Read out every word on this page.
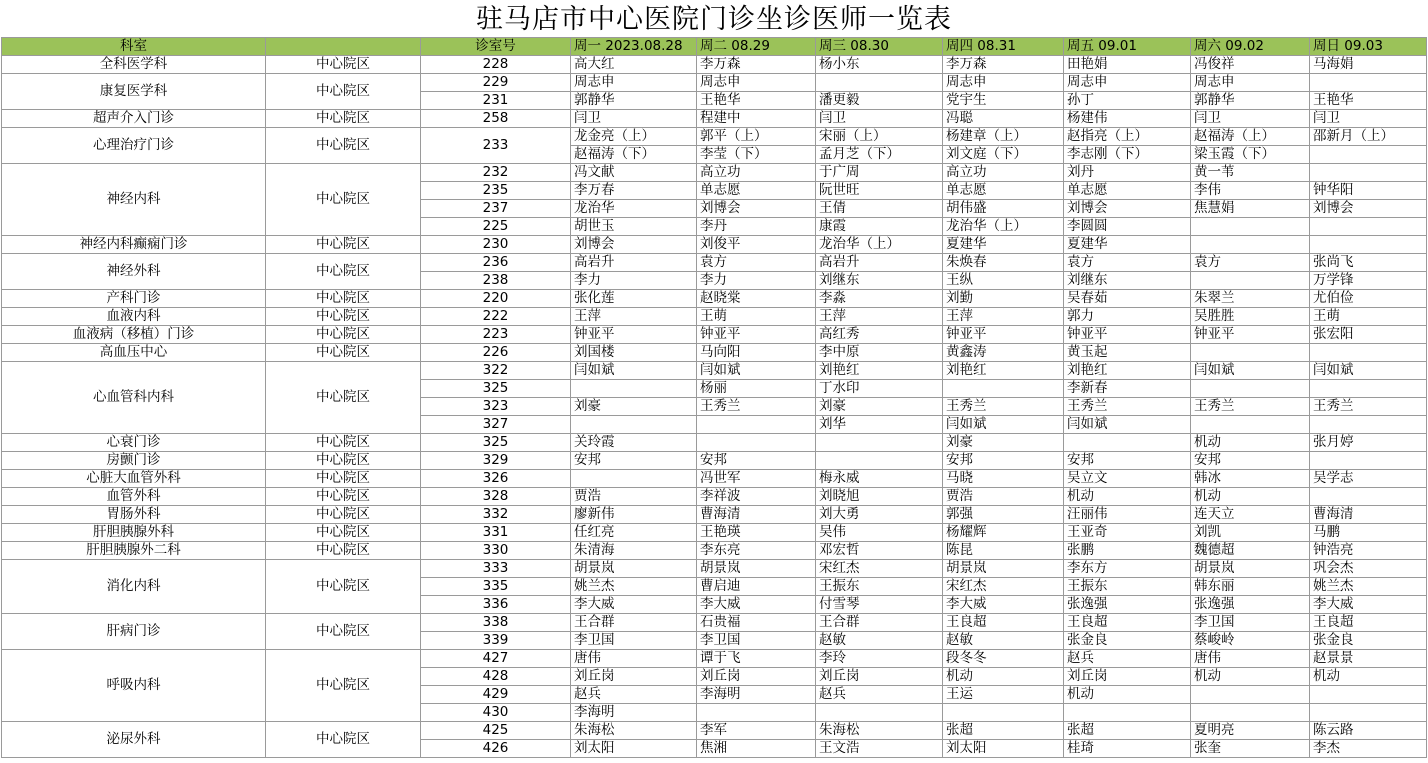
驻马店市中心医院门诊坐诊医师一览表
科室		诊室号	周一 2023.08.28	周二 08.29	周三 08.30	周四 08.31	周五 09.01	周六 09.02	周日 09.03
全科医学科	中心院区	228	高大红	李万森	杨小东	李万森	田艳娟	冯俊祥	马海娟
康复医学科	中心院区	229	周志申	周志申		周志申	周志申	周志申	
		231	郭静华	王艳华	潘更毅	党宇生	孙丁	郭静华	王艳华
超声介入门诊	中心院区	258	闫卫	程建中	闫卫	冯聪	杨建伟	闫卫	闫卫
心理治疗门诊	中心院区	233	龙金亮（上）	郭平（上）	宋丽（上）	杨建章（上）	赵指亮（上）	赵福涛（上）	邵新月（上）
			赵福涛（下）	李莹（下）	孟月芝（下）	刘文庭（下）	李志刚（下）	梁玉霞（下）	
神经内科	中心院区	232	冯文献	高立功	于广周	高立功	刘丹	黄一苇	
		235	李万春	单志愿	阮世旺	单志愿	单志愿	李伟	钟华阳
		237	龙治华	刘博会	王倩	胡伟盛	刘博会	焦慧娟	刘博会
		225	胡世玉	李丹	康霞	龙治华（上）	李圆圆		
神经内科癫痫门诊	中心院区	230	刘博会	刘俊平	龙治华（上）	夏建华	夏建华		
神经外科	中心院区	236	高岩升	袁方	高岩升	朱焕春	袁方	袁方	张尚飞
		238	李力	李力	刘继东	王纵	刘继东		万学锋
产科门诊	中心院区	220	张化莲	赵晓棠	李淼	刘勤	吴春茹	朱翠兰	尤伯俭
血液内科	中心院区	222	王萍	王萌	王萍	王萍	郭力	吴胜胜	王萌
血液病（移植）门诊	中心院区	223	钟亚平	钟亚平	高红秀	钟亚平	钟亚平	钟亚平	张宏阳
高血压中心	中心院区	226	刘国楼	马向阳	李中原	黄鑫涛	黄玉起		
心血管科内科	中心院区	322	闫如斌	闫如斌	刘艳红	刘艳红	刘艳红	闫如斌	闫如斌
		325		杨丽	丁水印		李新春		
		323	刘豪	王秀兰	刘豪	王秀兰	王秀兰	王秀兰	王秀兰
		327			刘华	闫如斌	闫如斌		
心衰门诊	中心院区	325	关玲霞			刘豪		机动	张月婷
房颤门诊	中心院区	329	安邦	安邦		安邦	安邦	安邦	
心脏大血管外科	中心院区	326		冯世军	梅永威	马晓	吴立文	韩冰	吴学志
血管外科	中心院区	328	贾浩	李祥波	刘晓旭	贾浩	机动	机动	
胃肠外科	中心院区	332	廖新伟	曹海清	刘大勇	郭强	汪丽伟	连天立	曹海清
肝胆胰腺外科	中心院区	331	任红亮	王艳瑛	吴伟	杨耀辉	王亚奇	刘凯	马鹏
肝胆胰腺外二科	中心院区	330	朱清海	李东亮	邓宏哲	陈昆	张鹏	魏德超	钟浩亮
消化内科	中心院区	333	胡景岚	胡景岚	宋红杰	胡景岚	李东方	胡景岚	巩会杰
		335	姚兰杰	曹启迪	王振东	宋红杰	王振东	韩东丽	姚兰杰
		336	李大威	李大威	付雪琴	李大威	张逸强	张逸强	李大威
肝病门诊	中心院区	338	王合群	石贵福	王合群	王良超	王良超	李卫国	王良超
		339	李卫国	李卫国	赵敏	赵敏	张金良	蔡峻岭	张金良
呼吸内科	中心院区	427	唐伟	谭于飞	李玲	段冬冬	赵兵	唐伟	赵景景
		428	刘丘岗	刘丘岗	刘丘岗	机动	刘丘岗	机动	机动
		429	赵兵	李海明	赵兵	王运	机动		
		430	李海明						
泌尿外科	中心院区	425	朱海松	李军	朱海松	张超	张超	夏明亮	陈云路
		426	刘太阳	焦湘	王文浩	刘太阳	桂琦	张奎	李杰
